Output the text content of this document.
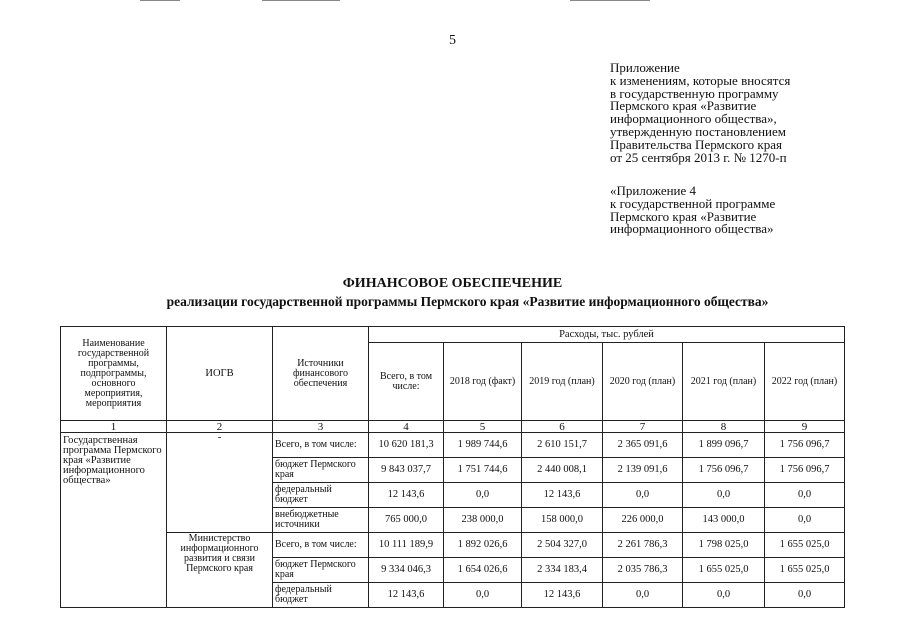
5
Приложение
к изменениям, которые вносятся
в государственную программу
Пермского края «Развитие
информационного общества»,
утвержденную постановлением
Правительства Пермского края
от 25 сентября 2013 г. № 1270-п
«Приложение 4
к государственной программе
Пермского края «Развитие
информационного общества»
ФИНАНСОВОЕ ОБЕСПЕЧЕНИЕ
реализации государственной программы Пермского края «Развитие информационного общества»
Наименование государственной программы, подпрограммы, основного мероприятия, мероприятия	ИОГВ	Источники финансового обеспечения	Расходы, тыс. рублей					
			Всего, в том числе:	2018 год (факт)	2019 год (план)	2020 год (план)	2021 год (план)	2022 год (план)
1	2	3	4	5	6	7	8	9
Государственная программа Пермского края «Развитие информационного общества»	-	Всего, в том числе:	10 620 181,3	1 989 744,6	2 610 151,7	2 365 091,6	1 899 096,7	1 756 096,7
		бюджет Пермского края	9 843 037,7	1 751 744,6	2 440 008,1	2 139 091,6	1 756 096,7	1 756 096,7
		федеральный бюджет	12 143,6	0,0	12 143,6	0,0	0,0	0,0
		внебюджетные источники	765 000,0	238 000,0	158 000,0	226 000,0	143 000,0	0,0
	Министерство информационного развития и связи Пермского края	Всего, в том числе:	10 111 189,9	1 892 026,6	2 504 327,0	2 261 786,3	1 798 025,0	1 655 025,0
		бюджет Пермского края	9 334 046,3	1 654 026,6	2 334 183,4	2 035 786,3	1 655 025,0	1 655 025,0
		федеральный бюджет	12 143,6	0,0	12 143,6	0,0	0,0	0,0
